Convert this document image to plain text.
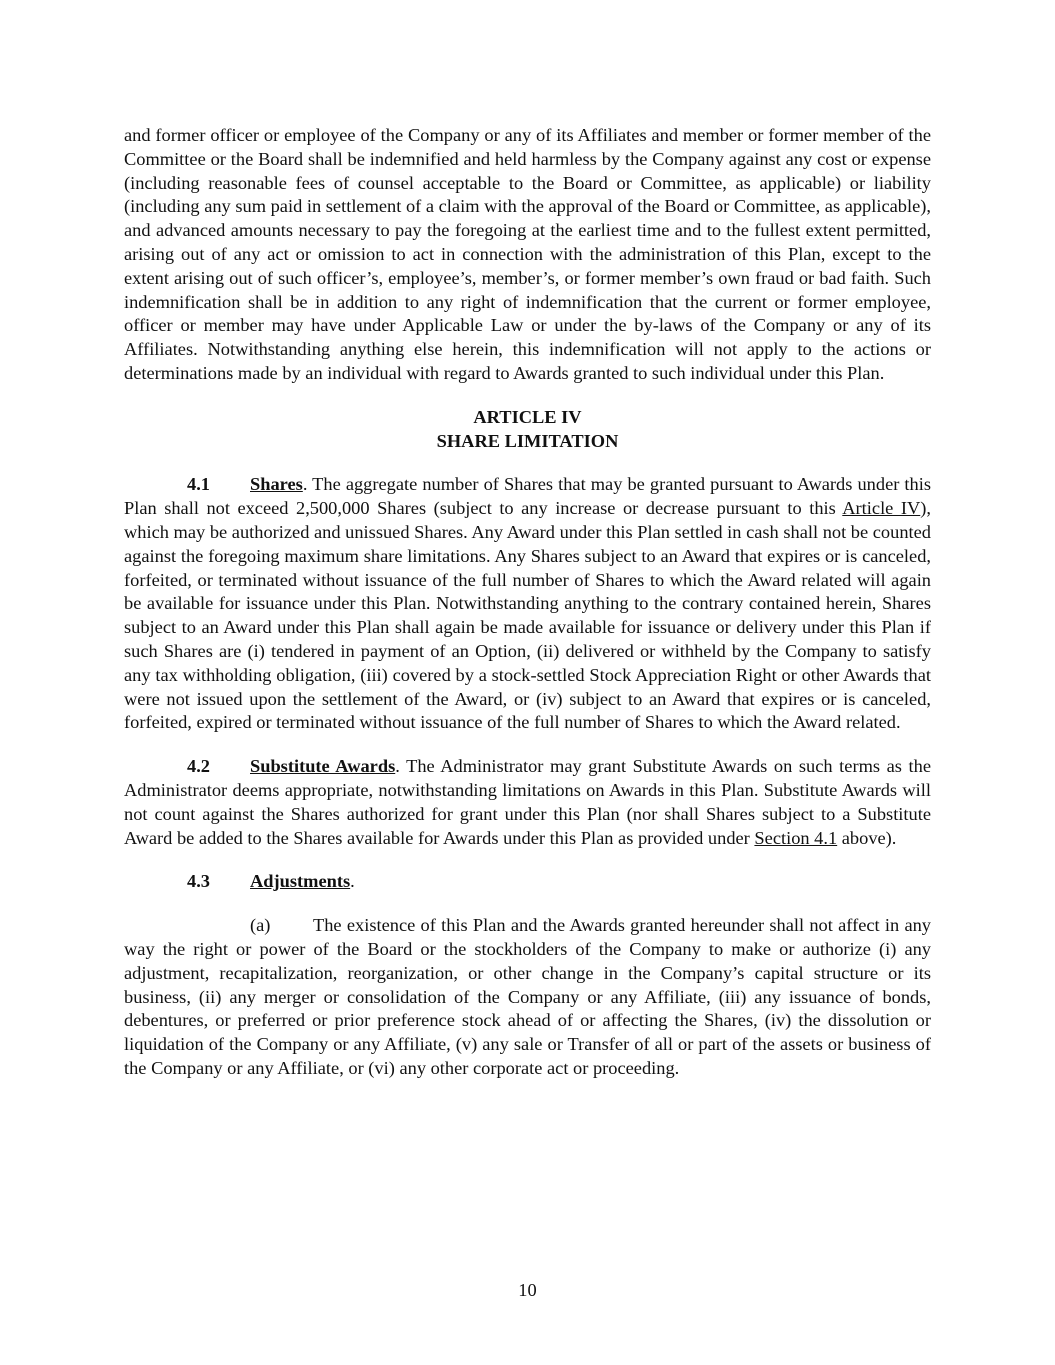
and former officer or employee of the Company or any of its Affiliates and member or former member of the Committee or the Board shall be indemnified and held harmless by the Company against any cost or expense (including reasonable fees of counsel acceptable to the Board or Committee, as applicable) or liability (including any sum paid in settlement of a claim with the approval of the Board or Committee, as applicable), and advanced amounts necessary to pay the foregoing at the earliest time and to the fullest extent permitted, arising out of any act or omission to act in connection with the administration of this Plan, except to the extent arising out of such officer’s, employee’s, member’s, or former member’s own fraud or bad faith. Such indemnification shall be in addition to any right of indemnification that the current or former employee, officer or member may have under Applicable Law or under the by-laws of the Company or any of its Affiliates. Notwithstanding anything else herein, this indemnification will not apply to the actions or determinations made by an individual with regard to Awards granted to such individual under this Plan.

ARTICLE IV

SHARE LIMITATION

4.1 Shares. The aggregate number of Shares that may be granted pursuant to Awards under this Plan shall not exceed 2,500,000 Shares (subject to any increase or decrease pursuant to this Article IV), which may be authorized and unissued Shares. Any Award under this Plan settled in cash shall not be counted against the foregoing maximum share limitations. Any Shares subject to an Award that expires or is canceled, forfeited, or terminated without issuance of the full number of Shares to which the Award related will again be available for issuance under this Plan. Notwithstanding anything to the contrary contained herein, Shares subject to an Award under this Plan shall again be made available for issuance or delivery under this Plan if such Shares are (i) tendered in payment of an Option, (ii) delivered or withheld by the Company to satisfy any tax withholding obligation, (iii) covered by a stock-settled Stock Appreciation Right or other Awards that were not issued upon the settlement of the Award, or (iv) subject to an Award that expires or is canceled, forfeited, expired or terminated without issuance of the full number of Shares to which the Award related.

4.2 Substitute Awards. The Administrator may grant Substitute Awards on such terms as the Administrator deems appropriate, notwithstanding limitations on Awards in this Plan. Substitute Awards will not count against the Shares authorized for grant under this Plan (nor shall Shares subject to a Substitute Award be added to the Shares available for Awards under this Plan as provided under Section 4.1 above).

4.3 Adjustments.

(a) The existence of this Plan and the Awards granted hereunder shall not affect in any way the right or power of the Board or the stockholders of the Company to make or authorize (i) any adjustment, recapitalization, reorganization, or other change in the Company’s capital structure or its business, (ii) any merger or consolidation of the Company or any Affiliate, (iii) any issuance of bonds, debentures, or preferred or prior preference stock ahead of or affecting the Shares, (iv) the dissolution or liquidation of the Company or any Affiliate, (v) any sale or Transfer of all or part of the assets or business of the Company or any Affiliate, or (vi) any other corporate act or proceeding.

10
